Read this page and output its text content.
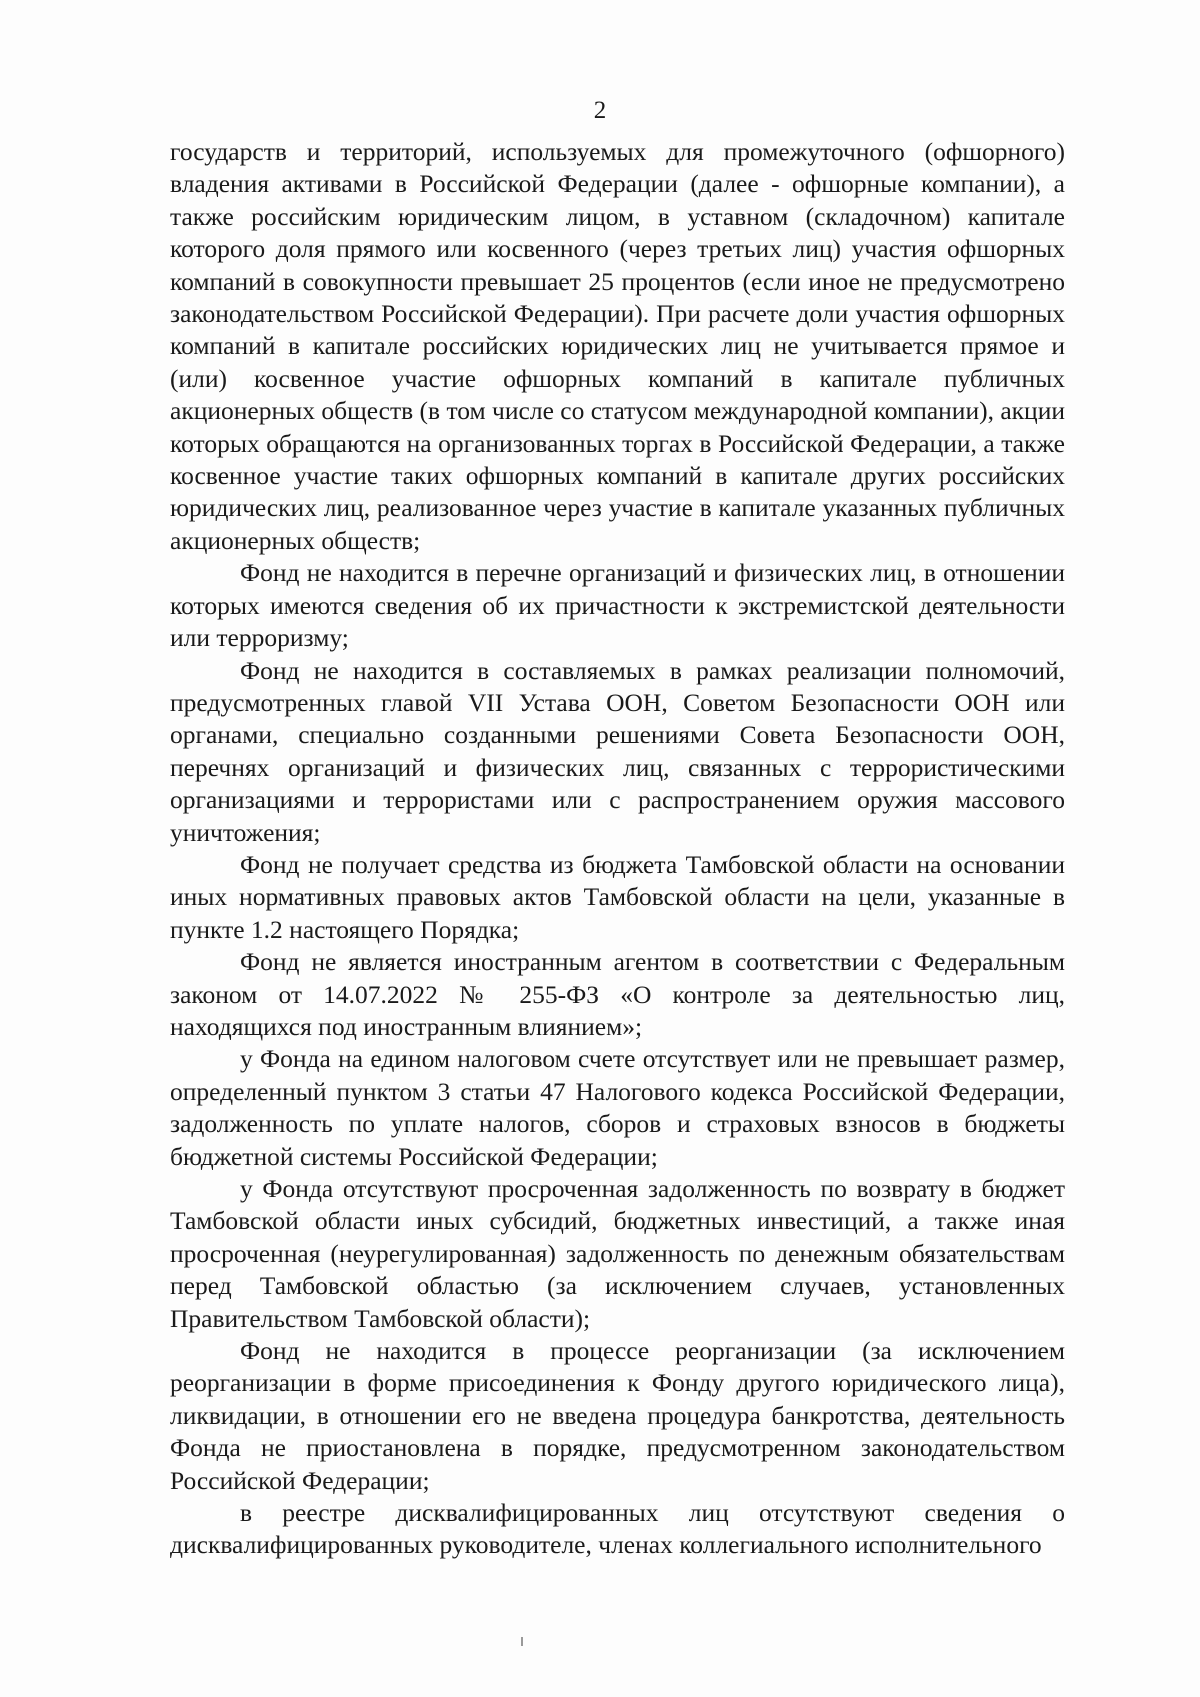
2

государств и территорий, используемых для промежуточного (офшорного) владения активами в Российской Федерации (далее - офшорные компании), а также российским юридическим лицом, в уставном (складочном) капитале которого доля прямого или косвенного (через третьих лиц) участия офшорных компаний в совокупности превышает 25 процентов (если иное не предусмотрено законодательством Российской Федерации). При расчете доли участия офшорных компаний в капитале российских юридических лиц не учитывается прямое и (или) косвенное участие офшорных компаний в капитале публичных акционерных обществ (в том числе со статусом международной компании), акции которых обращаются на организованных торгах в Российской Федерации, а также косвенное участие таких офшорных компаний в капитале других российских юридических лиц, реализованное через участие в капитале указанных публичных акционерных обществ;

Фонд не находится в перечне организаций и физических лиц, в отношении которых имеются сведения об их причастности к экстремистской деятельности или терроризму;

Фонд не находится в составляемых в рамках реализации полномочий, предусмотренных главой VII Устава ООН, Советом Безопасности ООН или органами, специально созданными решениями Совета Безопасности ООН, перечнях организаций и физических лиц, связанных с террористическими организациями и террористами или с распространением оружия массового уничтожения;

Фонд не получает средства из бюджета Тамбовской области на основании иных нормативных правовых актов Тамбовской области на цели, указанные в пункте 1.2 настоящего Порядка;

Фонд не является иностранным агентом в соответствии с Федеральным законом от 14.07.2022 № 255-ФЗ «О контроле за деятельностью лиц, находящихся под иностранным влиянием»;

у Фонда на едином налоговом счете отсутствует или не превышает размер, определенный пунктом 3 статьи 47 Налогового кодекса Российской Федерации, задолженность по уплате налогов, сборов и страховых взносов в бюджеты бюджетной системы Российской Федерации;

у Фонда отсутствуют просроченная задолженность по возврату в бюджет Тамбовской области иных субсидий, бюджетных инвестиций, а также иная просроченная (неурегулированная) задолженность по денежным обязательствам перед Тамбовской областью (за исключением случаев, установленных Правительством Тамбовской области);

Фонд не находится в процессе реорганизации (за исключением реорганизации в форме присоединения к Фонду другого юридического лица), ликвидации, в отношении его не введена процедура банкротства, деятельность Фонда не приостановлена в порядке, предусмотренном законодательством Российской Федерации;

в реестре дисквалифицированных лиц отсутствуют сведения о дисквалифицированных руководителе, членах коллегиального исполнительного
